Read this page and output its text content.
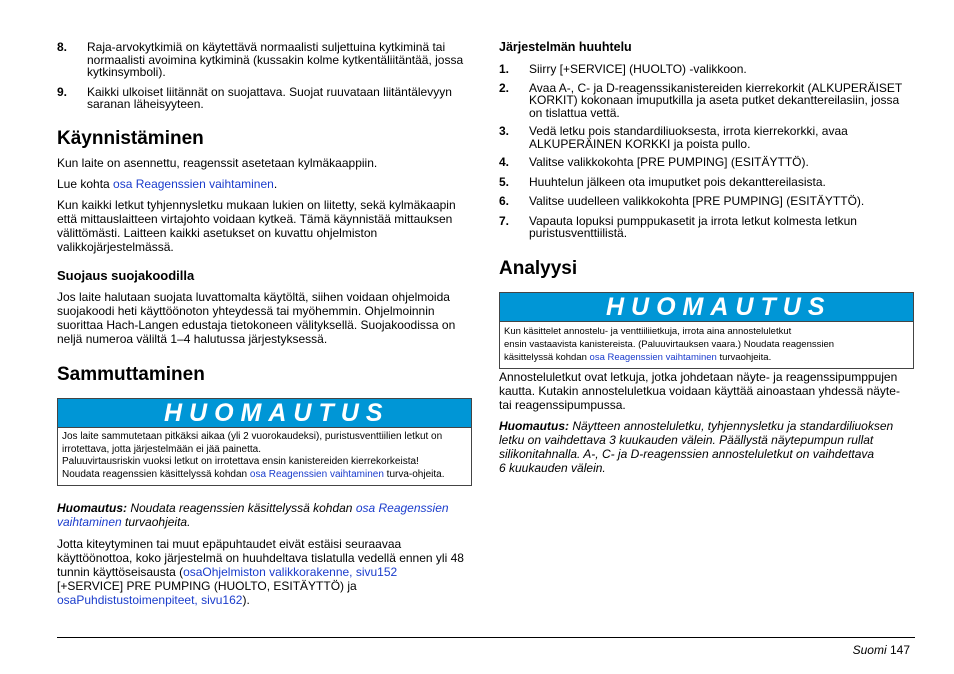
8. Raja-arvokytkimiä on käytettävä normaalisti suljettuina kytkiminä tai normaalisti avoimina kytkiminä (kussakin kolme kytkentäliitäntää, jossa kytkinsymboli).
9. Kaikki ulkoiset liitännät on suojattava. Suojat ruuvataan liitäntälevyyn saranan läheisyyteen.
Käynnistäminen

Kun laite on asennettu, reagenssit asetetaan kylmäkaappiin.

Lue kohta osa Reagenssien vaihtaminen.

Kun kaikki letkut tyhjennysletku mukaan lukien on liitetty, sekä kylmäkaapin että mittauslaitteen virtajohto voidaan kytkeä. Tämä käynnistää mittauksen välittömästi. Laitteen kaikki asetukset on kuvattu ohjelmiston valikkojärjestelmässä.

Suojaus suojakoodilla

Jos laite halutaan suojata luvattomalta käytöltä, siihen voidaan ohjelmoida suojakoodi heti käyttöönoton yhteydessä tai myöhemmin. Ohjelmoinnin suorittaa Hach-Langen edustaja tietokoneen välityksellä. Suojakoodissa on neljä numeroa väliltä 1–4 halutussa järjestyksessä.

Sammuttaminen
HUOMAUTUS
Jos laite sammutetaan pitkäksi aikaa (yli 2 vuorokaudeksi), puristusventtiilien letkut on irrotettava, jotta järjestelmään ei jää painetta.
Paluuvirtausriskin vuoksi letkut on irrotettava ensin kanistereiden kierrekorkeista!
Noudata reagenssien käsittelyssä kohdan osa Reagenssien vaihtaminen turva-ohjeita.

Huomautus: Noudata reagenssien käsittelyssä kohdan osa Reagenssien vaihtaminen turvaohjeita.

Jotta kiteytyminen tai muut epäpuhtaudet eivät estäisi seuraavaa käyttöönottoa, koko järjestelmä on huuhdeltava tislatulla vedellä ennen yli 48 tunnin käyttöseisausta (osaOhjelmiston valikkorakenne, sivu152
[+SERVICE] PRE PUMPING (HUOLTO, ESITÄYTTÖ) ja
osaPuhdistustoimenpiteet, sivu162).

Järjestelmän huuhtelu
1. Siirry [+SERVICE] (HUOLTO) -valikkoon.
2. Avaa A-, C- ja D-reagenssikanistereiden kierrekorkit (ALKUPERÄISET KORKIT) kokonaan imuputkilla ja aseta putket dekanttereilasiin, jossa on tislattua vettä.
3. Vedä letku pois standardiliuoksesta, irrota kierrekorkki, avaa ALKUPERÄINEN KORKKI ja poista pullo.
4. Valitse valikkokohta [PRE PUMPING] (ESITÄYTTÖ).
5. Huuhtelun jälkeen ota imuputket pois dekanttereilasista.
6. Valitse uudelleen valikkokohta [PRE PUMPING] (ESITÄYTTÖ).
7. Vapauta lopuksi pumppukasetit ja irrota letkut kolmesta letkun puristusventtiilistä.
Analyysi
HUOMAUTUS
Kun käsittelet annostelu- ja venttiiliietkuja, irrota aina annosteluletkut
ensin vastaavista kanistereista. (Paluuvirtauksen vaara.) Noudata reagenssien
käsittelyssä kohdan osa Reagenssien vaihtaminen turvaohjeita.

Annosteluletkut ovat letkuja, jotka johdetaan näyte- ja reagenssipumppujen kautta. Kutakin annosteluletkua voidaan käyttää ainoastaan yhdessä näyte- tai reagenssipumpussa.

Huomautus: Näytteen annosteluletku, tyhjennysletku ja standardiliuoksen letku on vaihdettava 3 kuukauden välein. Päällystä näytepumpun rullat silikonitahnalla. A-, C- ja D-reagenssien annosteluletkut on vaihdettava
6 kuukauden välein.

Suomi 147
